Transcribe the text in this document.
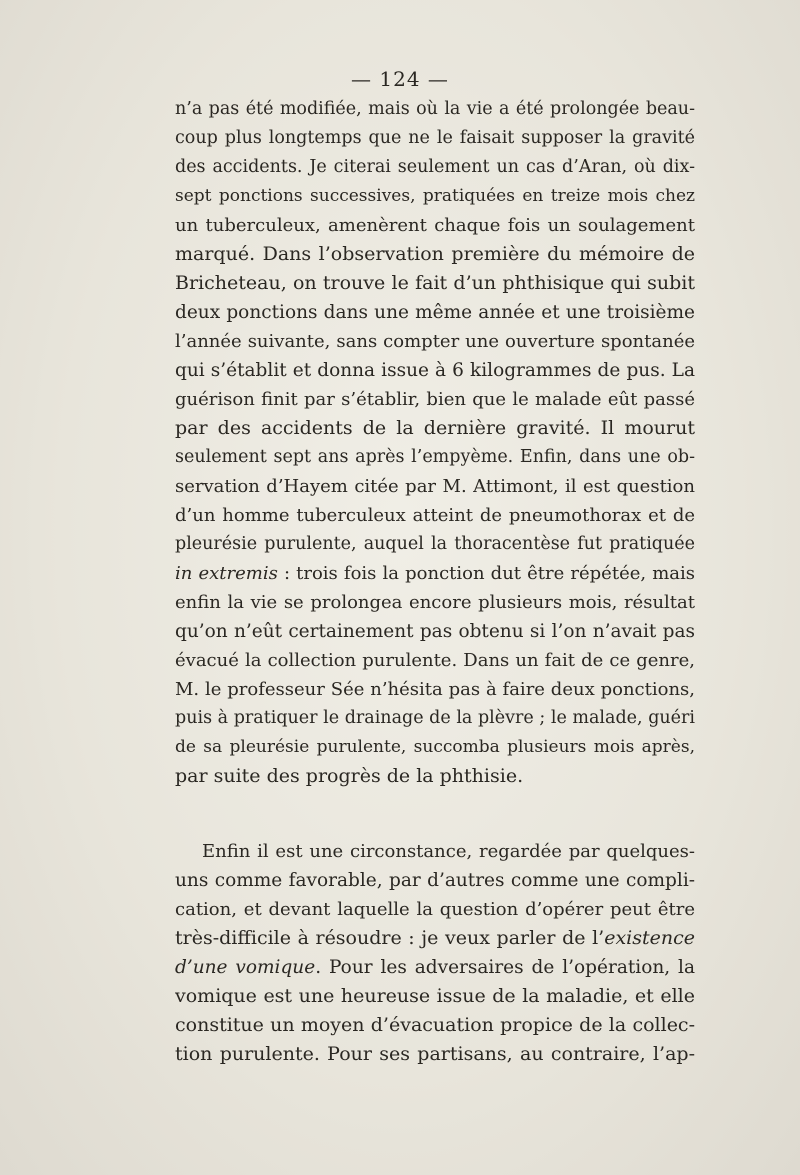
— 124 —
n’a pas été modifiée, mais où la vie a été prolongée beau-
coup plus longtemps que ne le faisait supposer la gravité
des accidents. Je citerai seulement un cas d’Aran, où dix-
sept ponctions successives, pratiquées en treize mois chez
un tuberculeux, amenèrent chaque fois un soulagement
marqué. Dans l’observation première du mémoire de
Bricheteau, on trouve le fait d’un phthisique qui subit
deux ponctions dans une même année et une troisième
l’année suivante, sans compter une ouverture spontanée
qui s’établit et donna issue à 6 kilogrammes de pus. La
guérison finit par s’établir, bien que le malade eût passé
par des accidents de la dernière gravité. Il mourut
seulement sept ans après l’empyème. Enfin, dans une ob-
servation d’Hayem citée par M. Attimont, il est question
d’un homme tuberculeux atteint de pneumothorax et de
pleurésie purulente, auquel la thoracentèse fut pratiquée
in extremis : trois fois la ponction dut être répétée, mais
enfin la vie se prolongea encore plusieurs mois, résultat
qu’on n’eût certainement pas obtenu si l’on n’avait pas
évacué la collection purulente. Dans un fait de ce genre,
M. le professeur Sée n’hésita pas à faire deux ponctions,
puis à pratiquer le drainage de la plèvre ; le malade, guéri
de sa pleurésie purulente, succomba plusieurs mois après,
par suite des progrès de la phthisie.
Enfin il est une circonstance, regardée par quelques-
uns comme favorable, par d’autres comme une compli-
cation, et devant laquelle la question d’opérer peut être
très-difficile à résoudre : je veux parler de l’existence
d’une vomique. Pour les adversaires de l’opération, la
vomique est une heureuse issue de la maladie, et elle
constitue un moyen d’évacuation propice de la collec-
tion purulente. Pour ses partisans, au contraire, l’ap-
